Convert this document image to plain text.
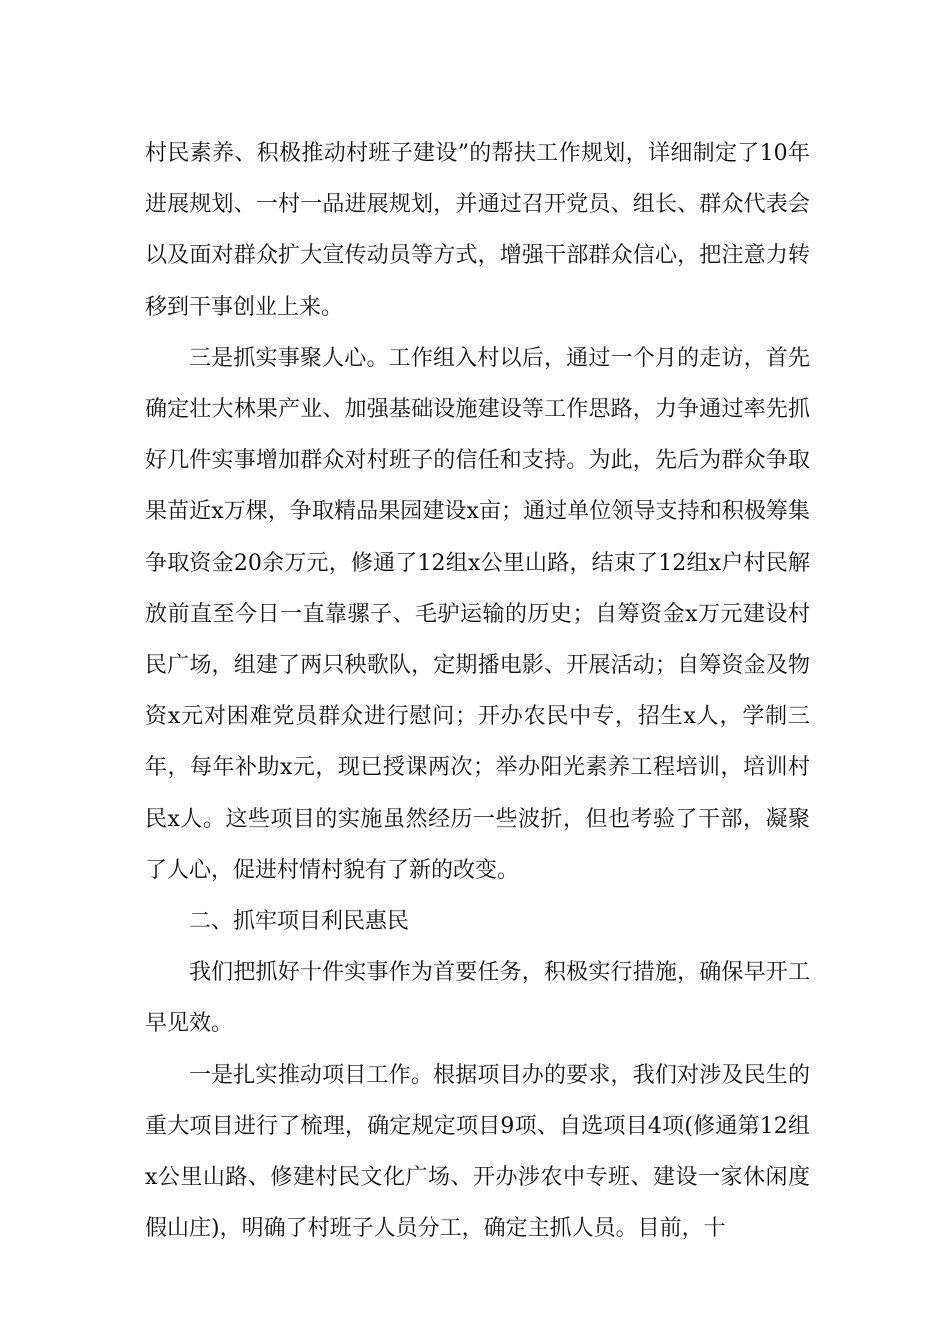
村民素养、积极推动村班子建设”的帮扶工作规划，详细制定了10年进展规划、一村一品进展规划，并通过召开党员、组长、群众代表会以及面对群众扩大宣传动员等方式，增强干部群众信心，把注意力转移到干事创业上来。

三是抓实事聚人心。工作组入村以后，通过一个月的走访，首先确定壮大林果产业、加强基础设施建设等工作思路，力争通过率先抓好几件实事增加群众对村班子的信任和支持。为此，先后为群众争取果苗近x万棵，争取精品果园建设x亩；通过单位领导支持和积极筹集争取资金20余万元，修通了12组x公里山路，结束了12组x户村民解放前直至今日一直靠骡子、毛驴运输的历史；自筹资金x万元建设村民广场，组建了两只秧歌队，定期播电影、开展活动；自筹资金及物资x元对困难党员群众进行慰问；开办农民中专，招生x人，学制三年，每年补助x元，现已授课两次；举办阳光素养工程培训，培训村民x人。这些项目的实施虽然经历一些波折，但也考验了干部，凝聚了人心，促进村情村貌有了新的改变。

二、抓牢项目利民惠民

我们把抓好十件实事作为首要任务，积极实行措施，确保早开工早见效。

一是扎实推动项目工作。根据项目办的要求，我们对涉及民生的重大项目进行了梳理，确定规定项目9项、自选项目4项(修通第12组x公里山路、修建村民文化广场、开办涉农中专班、建设一家休闲度假山庄)，明确了村班子人员分工，确定主抓人员。目前，十
